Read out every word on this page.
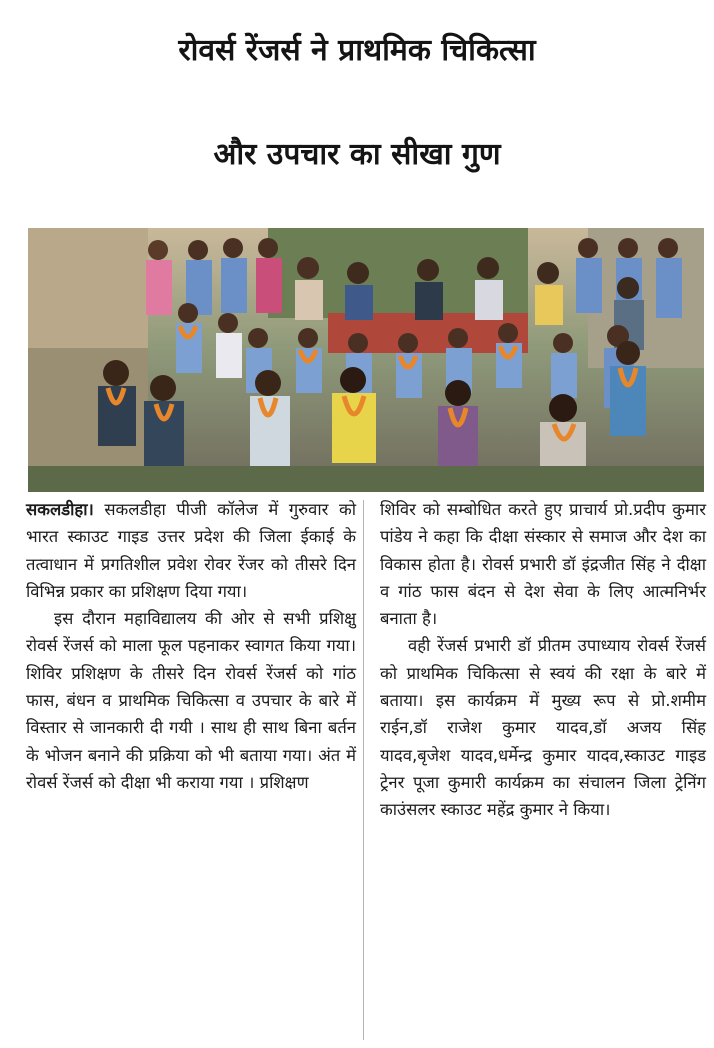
रोवर्स रेंजर्स ने प्राथमिक चिकित्सा
और उपचार का सीखा गुण

सकलडीहा। सकलडीहा पीजी कॉलेज में गुरुवार को भारत स्काउट गाइड उत्तर प्रदेश की जिला ईकाई के तत्वाधान में प्रगतिशील प्रवेश रोवर रेंजर को तीसरे दिन विभिन्न प्रकार का प्रशिक्षण दिया गया।

इस दौरान महाविद्यालय की ओर से सभी प्रशिक्षु रोवर्स रेंजर्स को माला फूल पहनाकर स्वागत किया गया। शिविर प्रशिक्षण के तीसरे दिन रोवर्स रेंजर्स को गांठ फास, बंधन व प्राथमिक चिकित्सा व उपचार के बारे में विस्तार से जानकारी दी गयी । साथ ही साथ बिना बर्तन के भोजन बनाने की प्रक्रिया को भी बताया गया। अंत में रोवर्स रेंजर्स को दीक्षा भी कराया गया । प्रशिक्षण

शिविर को सम्बोधित करते हुए प्राचार्य प्रो.प्रदीप कुमार पांडेय ने कहा कि दीक्षा संस्कार से समाज और देश का विकास होता है। रोवर्स प्रभारी डॉ इंद्रजीत सिंह ने दीक्षा व गांठ फास बंदन से देश सेवा के लिए आत्मनिर्भर बनाता है।

वही रेंजर्स प्रभारी डॉ प्रीतम उपाध्याय रोवर्स रेंजर्स को प्राथमिक चिकित्सा से स्वयं की रक्षा के बारे में बताया। इस कार्यक्रम में मुख्य रूप से प्रो.शमीम राईन,डॉ राजेश कुमार यादव,डॉ अजय सिंह यादव,बृजेश यादव,धर्मेन्द्र कुमार यादव,स्काउट गाइड ट्रेनर पूजा कुमारी कार्यक्रम का संचालन जिला ट्रेनिंग काउंसलर स्काउट महेंद्र कुमार ने किया।
